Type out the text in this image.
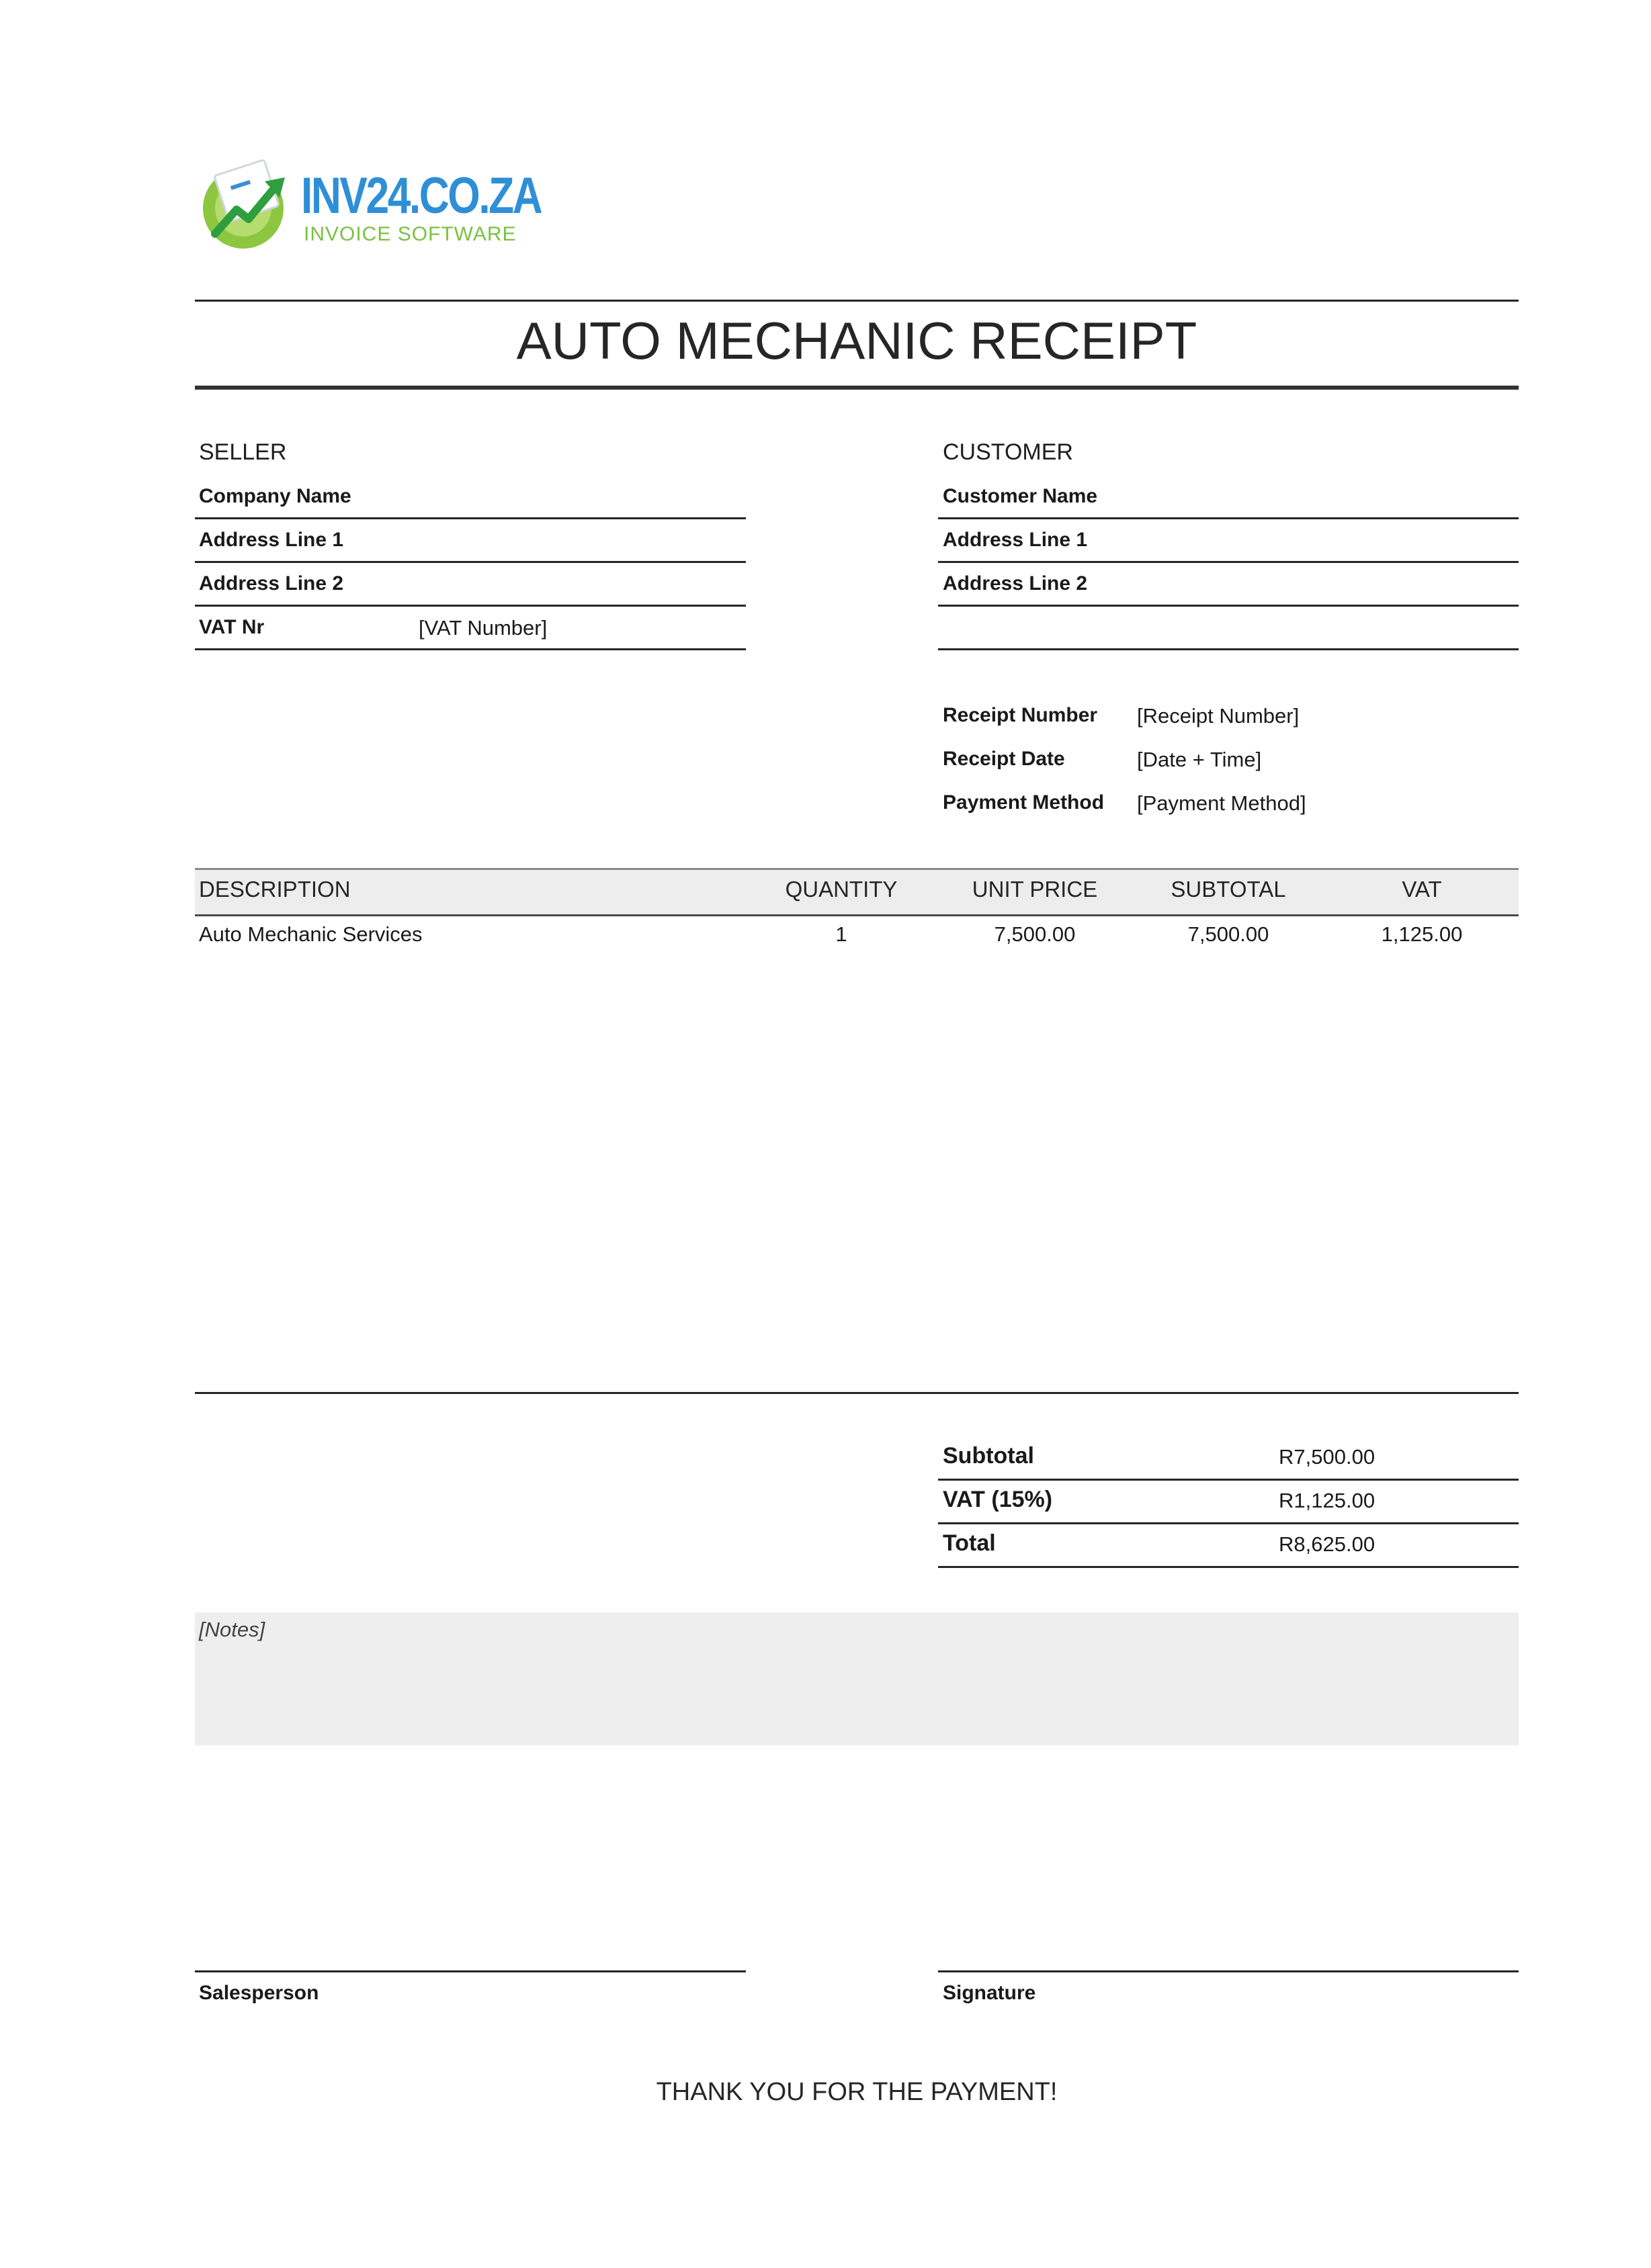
INV24.CO.ZA
INVOICE SOFTWARE
AUTO MECHANIC RECEIPT
SELLER
Company Name
Address Line 1
Address Line 2
VAT Nr	[VAT Number]
CUSTOMER
Customer Name
Address Line 1
Address Line 2
Receipt Number [Receipt Number]
Receipt Date	[Date + Time]
Payment Method [Payment Method]
DESCRIPTION	QUANTITY	UNIT PRICE	SUBTOTAL	VAT
Auto Mechanic Services	1	7,500.00	7,500.00	1,125.00
Subtotal	R7,500.00
VAT (15%)	R1,125.00
Total	R8,625.00
[Notes]
Salesperson	Signature
THANK YOU FOR THE PAYMENT!
